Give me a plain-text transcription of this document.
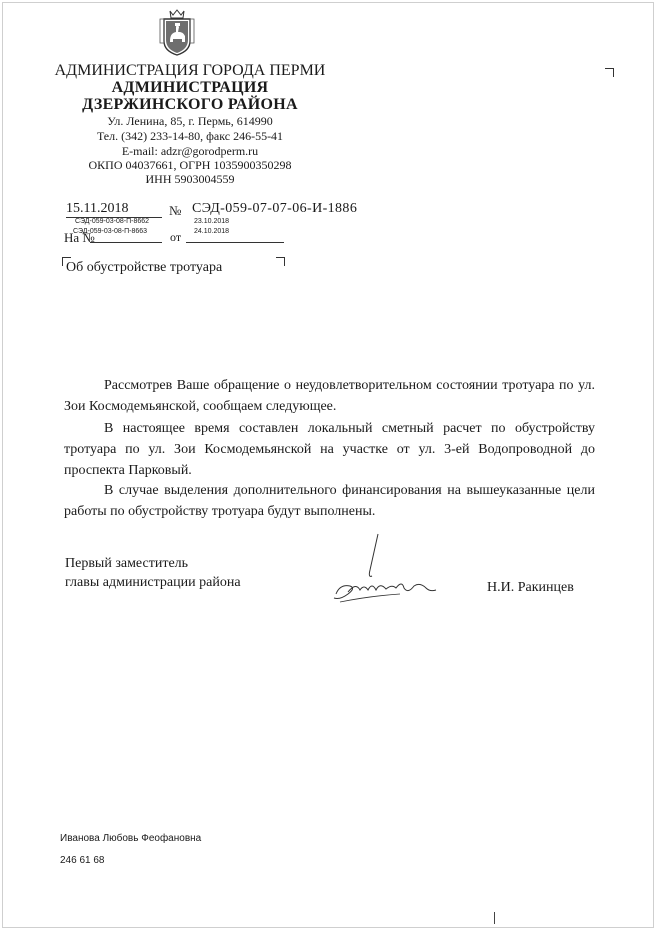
АДМИНИСТРАЦИЯ ГОРОДА ПЕРМИ
АДМИНИСТРАЦИЯ
ДЗЕРЖИНСКОГО РАЙОНА
Ул. Ленина, 85, г. Пермь, 614990
Тел. (342) 233-14-80, факс 246-55-41
E-mail: adzr@gorodperm.ru
ОКПО 04037661, ОГРН 1035900350298
ИНН 5903004559
15.11.2018	№ СЭД-059-07-07-06-И-1886
СЭД-059-03-08-П-8662
СЭД-059-03-08-П-8663
23.10.2018
24.10.2018
На №	от
Об обустройстве тротуара

Рассмотрев Ваше обращение о неудовлетворительном состоянии тротуара по ул. Зои Космодемьянской, сообщаем следующее.

В настоящее время составлен локальный сметный расчет по обустройству тротуара по ул. Зои Космодемьянской на участке от ул. 3-ей Водопроводной до проспекта Парковый.

В случае выделения дополнительного финансирования на вышеуказанные цели работы по обустройству тротуара будут выполнены.

Первый заместитель
главы администрации района	Н.И. Ракинцев
Иванова Любовь Феофановна
246 61 68
